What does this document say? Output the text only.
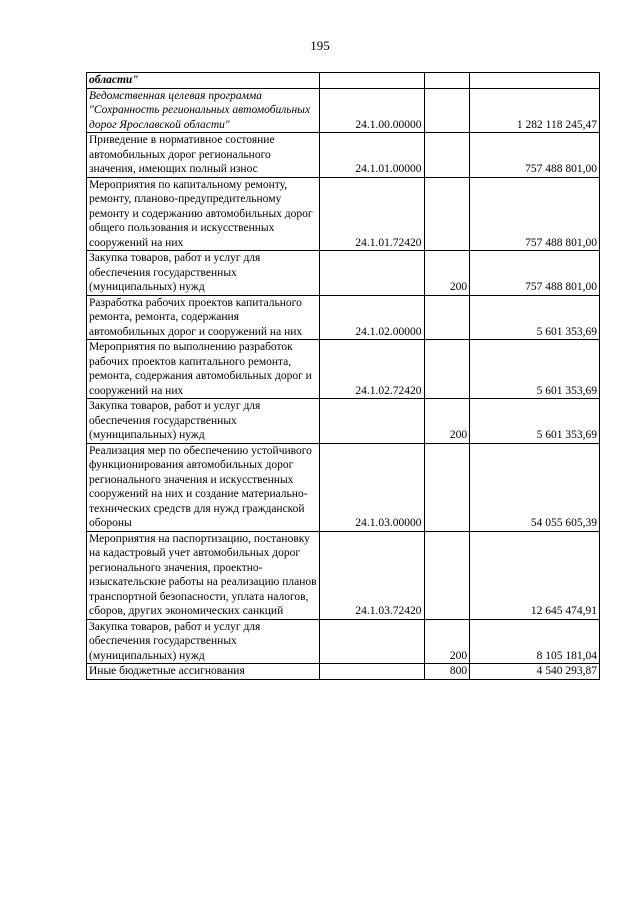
195
области"			
Ведомственная целевая программа "Сохранность региональных автомобильных дорог Ярославской области"	24.1.00.00000		1 282 118 245,47
Приведение в нормативное состояние автомобильных дорог регионального значения, имеющих полный износ	24.1.01.00000		757 488 801,00
Мероприятия по капитальному ремонту, ремонту, планово-предупредительному ремонту и содержанию автомобильных дорог общего пользования и искусственных сооружений на них	24.1.01.72420		757 488 801,00
Закупка товаров, работ и услуг для обеспечения государственных (муниципальных) нужд		200	757 488 801,00
Разработка рабочих проектов капитального ремонта, ремонта, содержания автомобильных дорог и сооружений на них	24.1.02.00000		5 601 353,69
Мероприятия по выполнению разработок рабочих проектов капитального ремонта, ремонта, содержания автомобильных дорог и сооружений на них	24.1.02.72420		5 601 353,69
Закупка товаров, работ и услуг для обеспечения государственных (муниципальных) нужд		200	5 601 353,69
Реализация мер по обеспечению устойчивого функционирования автомобильных дорог регионального значения и искусственных сооружений на них и создание материально-технических средств для нужд гражданской обороны	24.1.03.00000		54 055 605,39
Мероприятия на паспортизацию, постановку на кадастровый учет автомобильных дорог регионального значения, проектно-изыскательские работы на реализацию планов транспортной безопасности, уплата налогов, сборов, других экономических санкций	24.1.03.72420		12 645 474,91
Закупка товаров, работ и услуг для обеспечения государственных (муниципальных) нужд		200	8 105 181,04
Иные бюджетные ассигнования		800	4 540 293,87
